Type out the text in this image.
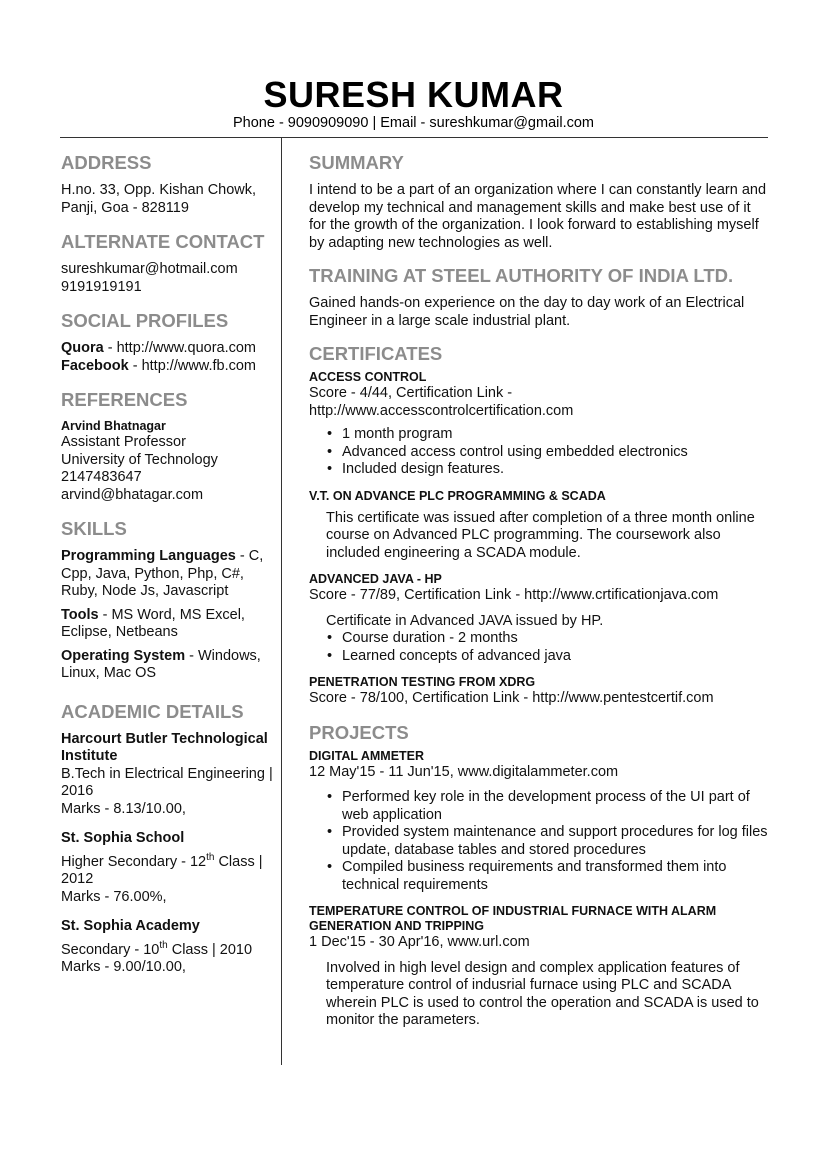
SURESH KUMAR
Phone - 9090909090 | Email - sureshkumar@gmail.com
ADDRESS
H.no. 33, Opp. Kishan Chowk,
Panji, Goa - 828119
ALTERNATE CONTACT
sureshkumar@hotmail.com
9191919191
SOCIAL PROFILES
Quora - http://www.quora.com
Facebook - http://www.fb.com
REFERENCES
Arvind Bhatnagar
Assistant Professor
University of Technology
2147483647
arvind@bhatagar.com
SKILLS
Programming Languages - C, Cpp, Java, Python, Php, C#, Ruby, Node Js, Javascript
Tools - MS Word, MS Excel, Eclipse, Netbeans
Operating System - Windows, Linux, Mac OS
ACADEMIC DETAILS
Harcourt Butler Technological Institute
B.Tech in Electrical Engineering | 2016
Marks - 8.13/10.00,
St. Sophia School
Higher Secondary - 12th Class | 2012
Marks - 76.00%,
St. Sophia Academy
Secondary - 10th Class | 2010
Marks - 9.00/10.00,
SUMMARY
I intend to be a part of an organization where I can constantly learn and develop my technical and management skills and make best use of it for the growth of the organization. I look forward to establishing myself by adapting new technologies as well.
TRAINING AT STEEL AUTHORITY OF INDIA LTD.
Gained hands-on experience on the day to day work of an Electrical Engineer in a large scale industrial plant.
CERTIFICATES
ACCESS CONTROL
Score - 4/44, Certification Link -
http://www.accesscontrolcertification.com
• 1 month program
• Advanced access control using embedded electronics
• Included design features.
V.T. ON ADVANCE PLC PROGRAMMING & SCADA
This certificate was issued after completion of a three month online course on Advanced PLC programming. The coursework also included engineering a SCADA module.
ADVANCED JAVA - HP
Score - 77/89, Certification Link - http://www.crtificationjava.com
Certificate in Advanced JAVA issued by HP.
• Course duration - 2 months
• Learned concepts of advanced java
PENETRATION TESTING FROM XDRG
Score - 78/100, Certification Link - http://www.pentestcertif.com
PROJECTS
DIGITAL AMMETER
12 May'15 - 11 Jun'15, www.digitalammeter.com
• Performed key role in the development process of the UI part of web application
• Provided system maintenance and support procedures for log files update, database tables and stored procedures
• Compiled business requirements and transformed them into technical requirements
TEMPERATURE CONTROL OF INDUSTRIAL FURNACE WITH ALARM GENERATION AND TRIPPING
1 Dec'15 - 30 Apr'16, www.url.com
Involved in high level design and complex application features of temperature control of indusrial furnace using PLC and SCADA wherein PLC is used to control the operation and SCADA is used to monitor the parameters.
